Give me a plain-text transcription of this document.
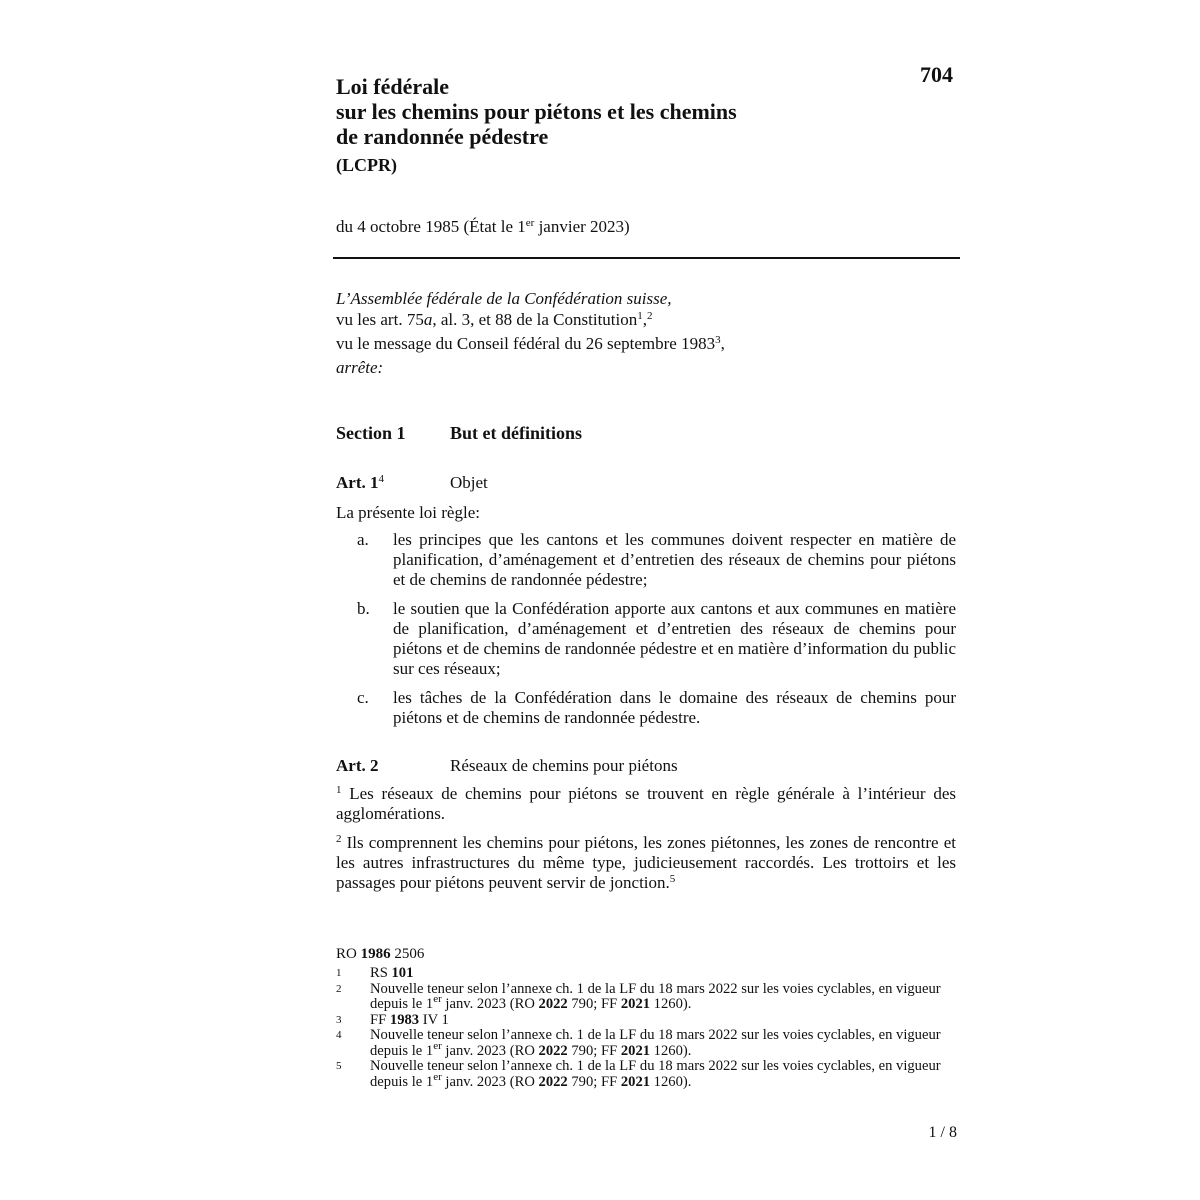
704
Loi fédérale
sur les chemins pour piétons et les chemins
de randonnée pédestre
(LCPR)
du 4 octobre 1985 (État le 1er janvier 2023)
L’Assemblée fédérale de la Confédération suisse,
vu les art. 75a, al. 3, et 88 de la Constitution$^1$,$^2$
vu le message du Conseil fédéral du 26 septembre 1983$^3$,
arrête:
Section 1 But et définitions
Art. $1^4$	Objet
La présente loi règle:
a. les principes que les cantons et les communes doivent respecter en matière de planification, d’aménagement et d’entretien des réseaux de chemins pour piétons et de chemins de randonnée pédestre;
b. le soutien que la Confédération apporte aux cantons et aux communes en matière de planification, d’aménagement et d’entretien des réseaux de chemins pour piétons et de chemins de randonnée pédestre et en matière d’information du public sur ces réseaux;
c. les tâches de la Confédération dans le domaine des réseaux de chemins pour piétons et de chemins de randonnée pédestre.
Art. 2	Réseaux de chemins pour piétons
$^1$ Les réseaux de chemins pour piétons se trouvent en règle générale à l’intérieur des agglomérations.
$^2$ Ils comprennent les chemins pour piétons, les zones piétonnes, les zones de rencontre et les autres infrastructures du même type, judicieusement raccordés. Les trottoirs et les passages pour piétons peuvent servir de jonction.$^5$
RO 1986 2506
1 RS 101
2 Nouvelle teneur selon l’annexe ch. 1 de la LF du 18 mars 2022 sur les voies cyclables, en vigueur depuis le 1er janv. 2023 (RO 2022 790; FF 2021 1260).
3 FF 1983 IV 1
4 Nouvelle teneur selon l’annexe ch. 1 de la LF du 18 mars 2022 sur les voies cyclables, en vigueur depuis le 1er janv. 2023 (RO 2022 790; FF 2021 1260).
5 Nouvelle teneur selon l’annexe ch. 1 de la LF du 18 mars 2022 sur les voies cyclables, en vigueur depuis le 1er janv. 2023 (RO 2022 790; FF 2021 1260).
1 / 8
